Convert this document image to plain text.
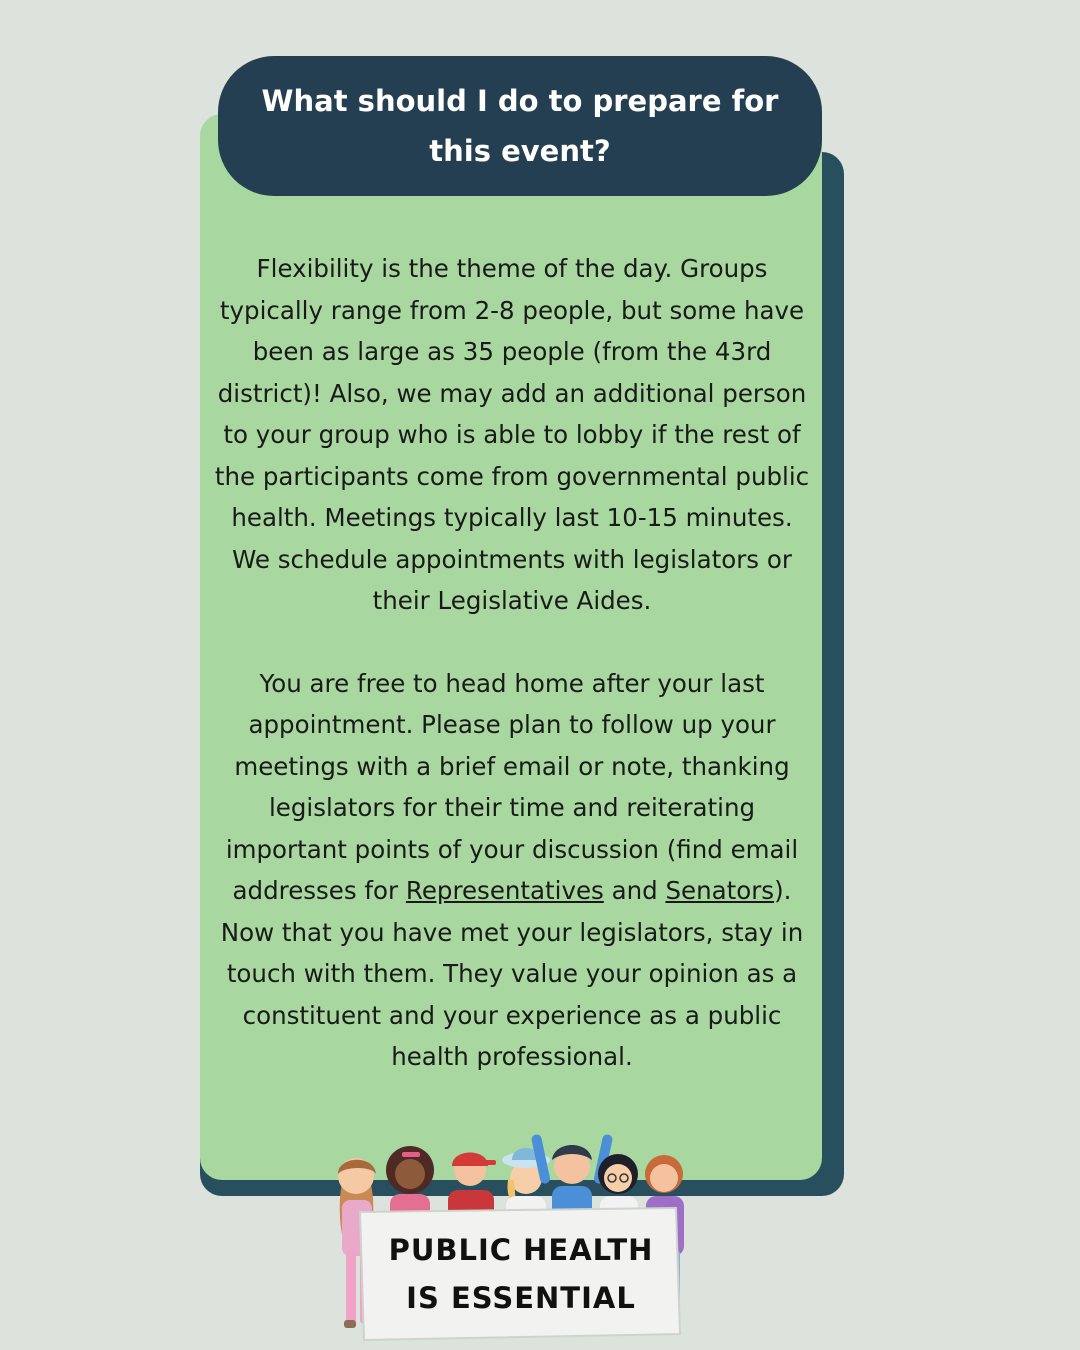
What should I do to prepare for this event?

Flexibility is the theme of the day. Groups typically range from 2-8 people, but some have been as large as 35 people (from the 43rd district)! Also, we may add an additional person to your group who is able to lobby if the rest of the participants come from governmental public health. Meetings typically last 10-15 minutes. We schedule appointments with legislators or their Legislative Aides.

You are free to head home after your last appointment. Please plan to follow up your meetings with a brief email or note, thanking legislators for their time and reiterating important points of your discussion (find email addresses for Representatives and Senators). Now that you have met your legislators, stay in touch with them. They value your opinion as a constituent and your experience as a public health professional.

PUBLIC HEALTH
IS ESSENTIAL
